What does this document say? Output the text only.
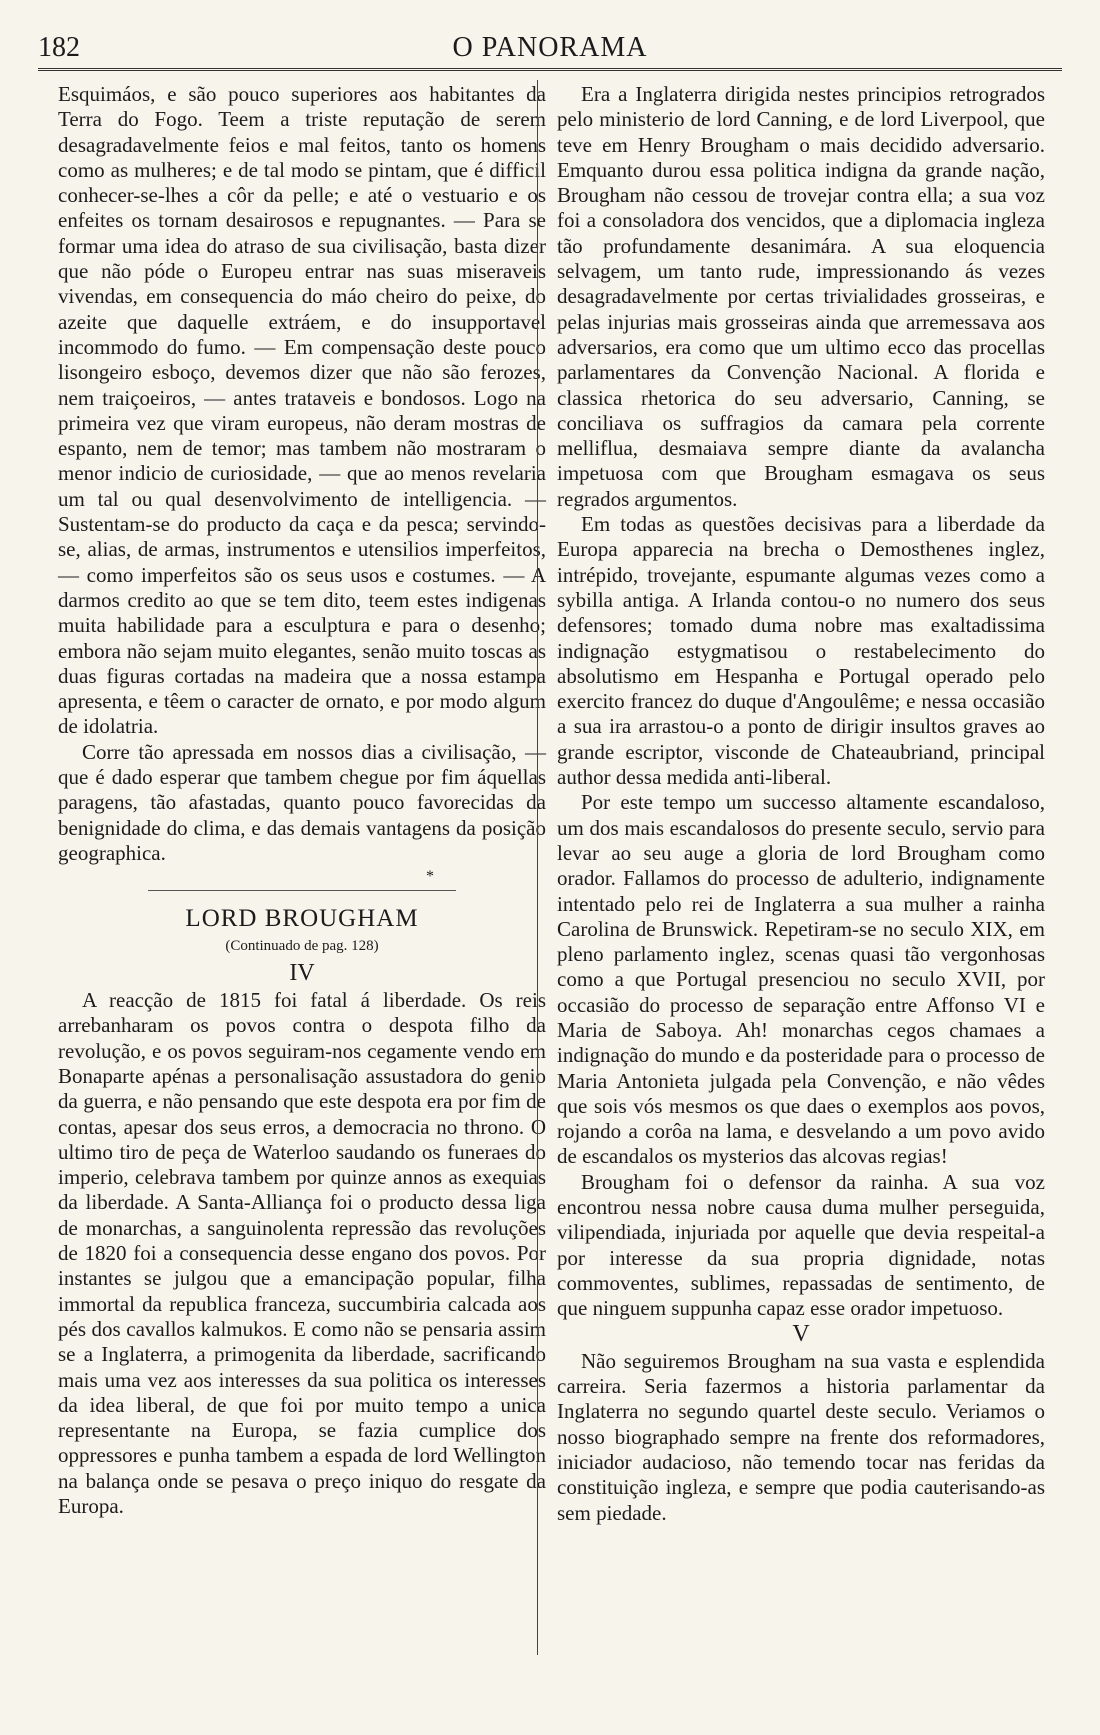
182	O PANORAMA

Esquimáos, e são pouco superiores aos habitantes da Terra do Fogo. Teem a triste reputação de serem desagradavelmente feios e mal feitos, tanto os homens como as mulheres; e de tal modo se pintam, que é difficil conhecer-se-lhes a côr da pelle; e até o vestuario e os enfeites os tornam desairosos e repugnantes. — Para se formar uma idea do atraso de sua civilisação, basta dizer que não póde o Europeu entrar nas suas miseraveis vivendas, em consequencia do máo cheiro do peixe, do azeite que daquelle extráem, e do insupportavel incommodo do fumo. — Em compensação deste pouco lisongeiro esboço, devemos dizer que não são ferozes, nem traiçoeiros, — antes trataveis e bondosos. Logo na primeira vez que viram europeus, não deram mostras de espanto, nem de temor; mas tambem não mostraram o menor indicio de curiosidade, — que ao menos revelaria um tal ou qual desenvolvimento de intelligencia. — Sustentam-se do producto da caça e da pesca; servindo-se, alias, de armas, instrumentos e utensilios imperfeitos, — como imperfeitos são os seus usos e costumes. — A darmos credito ao que se tem dito, teem estes indigenas muita habilidade para a esculptura e para o desenho; embora não sejam muito elegantes, senão muito toscas as duas figuras cortadas na madeira que a nossa estampa apresenta, e têem o caracter de ornato, e por modo algum de idolatria.

Corre tão apressada em nossos dias a civilisação, — que é dado esperar que tambem chegue por fim áquellas paragens, tão afastadas, quanto pouco favorecidas da benignidade do clima, e das demais vantagens da posição geographica.

*
LORD BROUGHAM
(Continuado de pag. 128)
IV

A reacção de 1815 foi fatal á liberdade. Os reis arrebanharam os povos contra o despota filho da revolução, e os povos seguiram-nos cegamente vendo em Bonaparte apénas a personalisação assustadora do genio da guerra, e não pensando que este despota era por fim de contas, apesar dos seus erros, a democracia no throno. O ultimo tiro de peça de Waterloo saudando os funeraes do imperio, celebrava tambem por quinze annos as exequias da liberdade. A Santa-Alliança foi o producto dessa liga de monarchas, a sanguinolenta repressão das revoluções de 1820 foi a consequencia desse engano dos povos. Por instantes se julgou que a emancipação popular, filha immortal da republica franceza, succumbiria calcada aos pés dos cavallos kalmukos. E como não se pensaria assim se a Inglaterra, a primogenita da liberdade, sacrificando mais uma vez aos interesses da sua politica os interesses da idea liberal, de que foi por muito tempo a unica representante na Europa, se fazia cumplice dos oppressores e punha tambem a espada de lord Wellington na balança onde se pesava o preço iniquo do resgate da Europa.

Era a Inglaterra dirigida nestes principios retrogrados pelo ministerio de lord Canning, e de lord Liverpool, que teve em Henry Brougham o mais decidido adversario. Emquanto durou essa politica indigna da grande nação, Brougham não cessou de trovejar contra ella; a sua voz foi a consoladora dos vencidos, que a diplomacia ingleza tão profundamente desanimára. A sua eloquencia selvagem, um tanto rude, impressionando ás vezes desagradavelmente por certas trivialidades grosseiras, e pelas injurias mais grosseiras ainda que arremessava aos adversarios, era como que um ultimo ecco das procellas parlamentares da Convenção Nacional. A florida e classica rhetorica do seu adversario, Canning, se conciliava os suffragios da camara pela corrente melliflua, desmaiava sempre diante da avalancha impetuosa com que Brougham esmagava os seus regrados argumentos.

Em todas as questões decisivas para a liberdade da Europa apparecia na brecha o Demosthenes inglez, intrépido, trovejante, espumante algumas vezes como a sybilla antiga. A Irlanda contou-o no numero dos seus defensores; tomado duma nobre mas exaltadissima indignação estygmatisou o restabelecimento do absolutismo em Hespanha e Portugal operado pelo exercito francez do duque d'Angoulême; e nessa occasião a sua ira arrastou-o a ponto de dirigir insultos graves ao grande escriptor, visconde de Chateaubriand, principal author dessa medida anti-liberal.

Por este tempo um successo altamente escandaloso, um dos mais escandalosos do presente seculo, servio para levar ao seu auge a gloria de lord Brougham como orador. Fallamos do processo de adulterio, indignamente intentado pelo rei de Inglaterra a sua mulher a rainha Carolina de Brunswick. Repetiram-se no seculo XIX, em pleno parlamento inglez, scenas quasi tão vergonhosas como a que Portugal presenciou no seculo XVII, por occasião do processo de separação entre Affonso VI e Maria de Saboya. Ah! monarchas cegos chamaes a indignação do mundo e da posteridade para o processo de Maria Antonieta julgada pela Convenção, e não vêdes que sois vós mesmos os que daes o exemplos aos povos, rojando a corôa na lama, e desvelando a um povo avido de escandalos os mysterios das alcovas regias!

Brougham foi o defensor da rainha. A sua voz encontrou nessa nobre causa duma mulher perseguida, vilipendiada, injuriada por aquelle que devia respeital-a por interesse da sua propria dignidade, notas commoventes, sublimes, repassadas de sentimento, de que ninguem suppunha capaz esse orador impetuoso.

V

Não seguiremos Brougham na sua vasta e esplendida carreira. Seria fazermos a historia parlamentar da Inglaterra no segundo quartel deste seculo. Veriamos o nosso biographado sempre na frente dos reformadores, iniciador audacioso, não temendo tocar nas feridas da constituição ingleza, e sempre que podia cauterisando-as sem piedade.
